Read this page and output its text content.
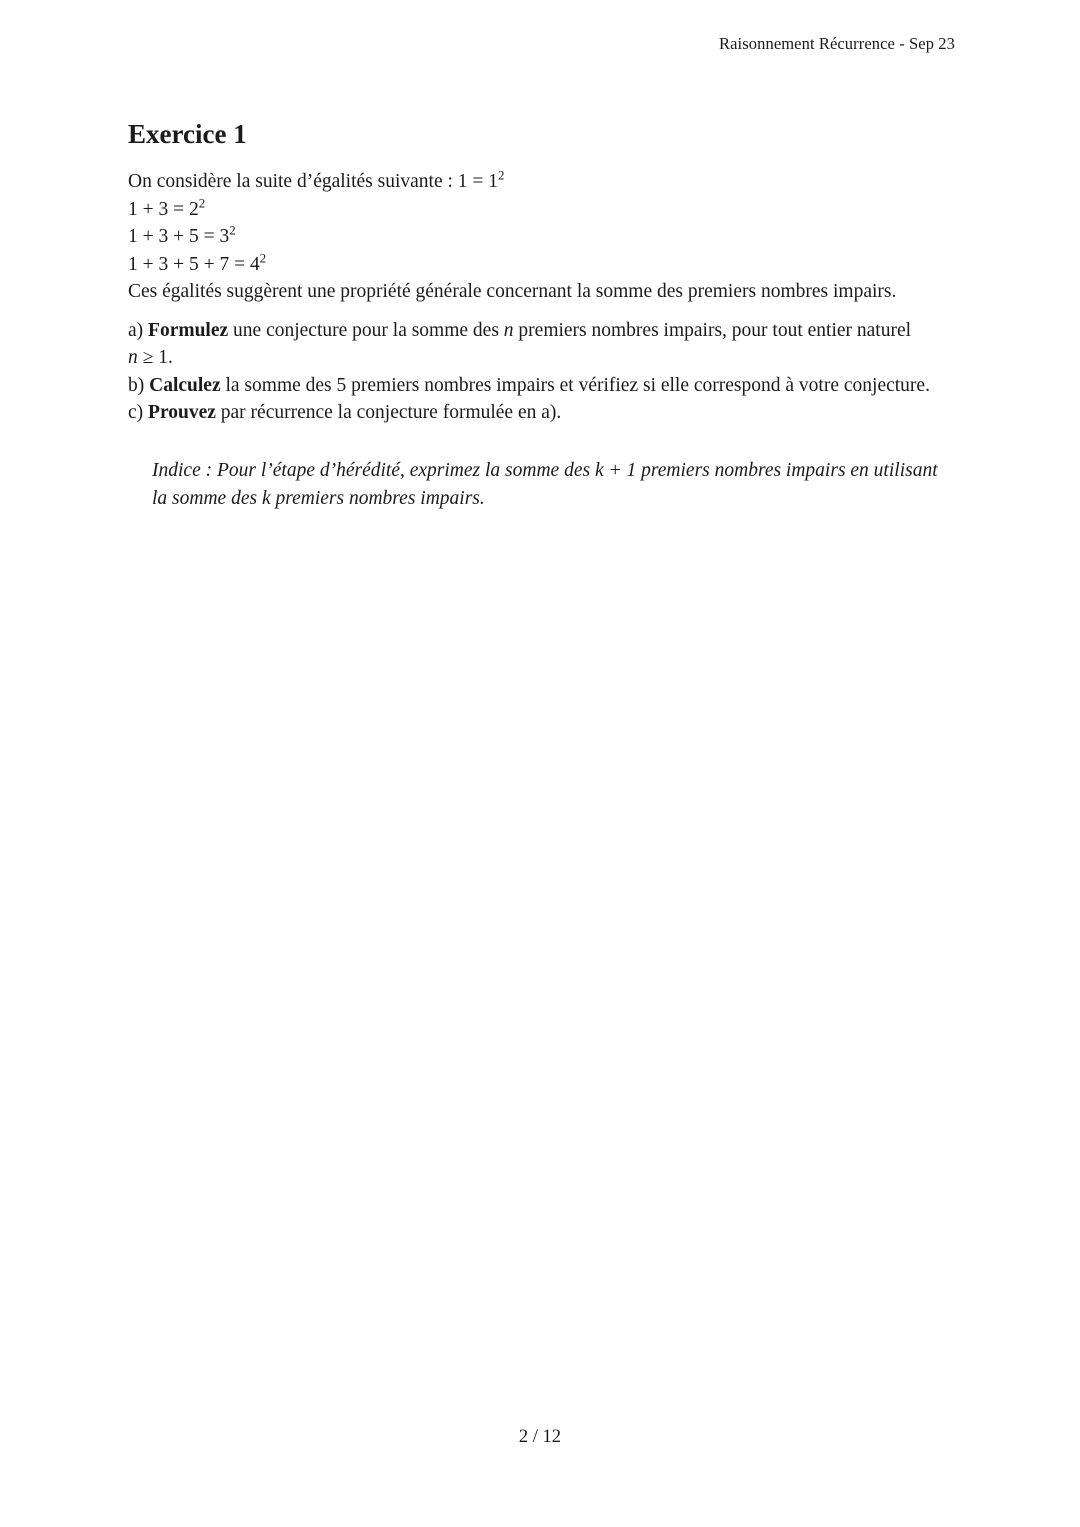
Raisonnement Récurrence - Sep 23
Exercice 1
On considère la suite d’égalités suivante : $1 = 1^2$
$1 + 3 = 2^2$
$1 + 3 + 5 = 3^2$
$1 + 3 + 5 + 7 = 4^2$
Ces égalités suggèrent une propriété générale concernant la somme des premiers nombres impairs.
a) Formulez une conjecture pour la somme des n premiers nombres impairs, pour tout entier naturel
n ≥ 1.
b) Calculez la somme des 5 premiers nombres impairs et vérifiez si elle correspond à votre conjecture.
c) Prouvez par récurrence la conjecture formulée en a).
Indice : Pour l’étape d’hérédité, exprimez la somme des k + 1 premiers nombres impairs en utilisant
la somme des k premiers nombres impairs.
2 / 12
